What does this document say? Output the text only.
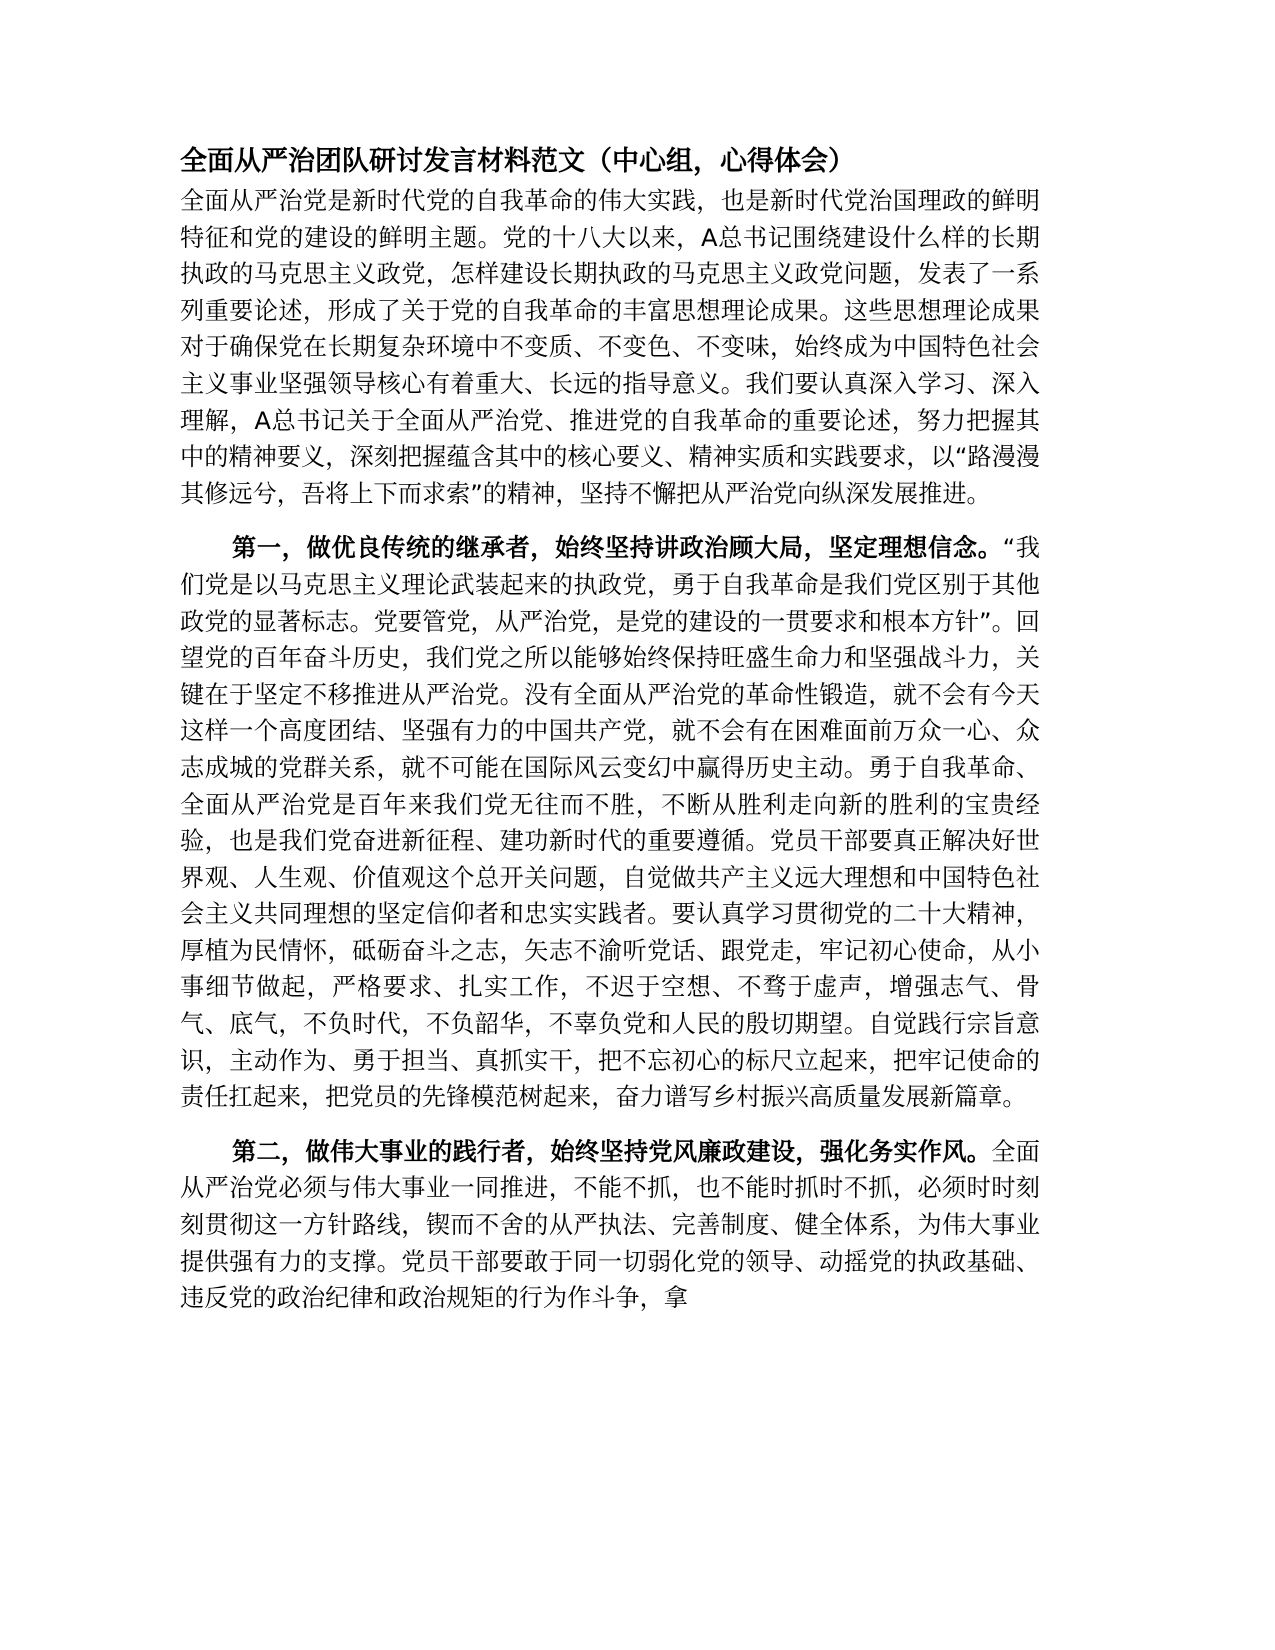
全面从严治团队研讨发言材料范文（中心组，心得体会）

全面从严治党是新时代党的自我革命的伟大实践，也是新时代党治国理政的鲜明特征和党的建设的鲜明主题。党的十八大以来，A总书记围绕建设什么样的长期执政的马克思主义政党，怎样建设长期执政的马克思主义政党问题，发表了一系列重要论述，形成了关于党的自我革命的丰富思想理论成果。这些思想理论成果对于确保党在长期复杂环境中不变质、不变色、不变味，始终成为中国特色社会主义事业坚强领导核心有着重大、长远的指导意义。我们要认真深入学习、深入理解，A总书记关于全面从严治党、推进党的自我革命的重要论述，努力把握其中的精神要义，深刻把握蕴含其中的核心要义、精神实质和实践要求，以“路漫漫其修远兮，吾将上下而求索”的精神，坚持不懈把从严治党向纵深发展推进。

第一，做优良传统的继承者，始终坚持讲政治顾大局，坚定理想信念。“我们党是以马克思主义理论武装起来的执政党，勇于自我革命是我们党区别于其他政党的显著标志。党要管党，从严治党，是党的建设的一贯要求和根本方针”。回望党的百年奋斗历史，我们党之所以能够始终保持旺盛生命力和坚强战斗力，关键在于坚定不移推进从严治党。没有全面从严治党的革命性锻造，就不会有今天这样一个高度团结、坚强有力的中国共产党，就不会有在困难面前万众一心、众志成城的党群关系，就不可能在国际风云变幻中赢得历史主动。勇于自我革命、全面从严治党是百年来我们党无往而不胜，不断从胜利走向新的胜利的宝贵经验，也是我们党奋进新征程、建功新时代的重要遵循。党员干部要真正解决好世界观、人生观、价值观这个总开关问题，自觉做共产主义远大理想和中国特色社会主义共同理想的坚定信仰者和忠实实践者。要认真学习贯彻党的二十大精神，厚植为民情怀，砥砺奋斗之志，矢志不渝听党话、跟党走，牢记初心使命，从小事细节做起，严格要求、扎实工作，不迟于空想、不骛于虚声，增强志气、骨气、底气，不负时代，不负韶华，不辜负党和人民的殷切期望。自觉践行宗旨意识，主动作为、勇于担当、真抓实干，把不忘初心的标尺立起来，把牢记使命的责任扛起来，把党员的先锋模范树起来，奋力谱写乡村振兴高质量发展新篇章。

第二，做伟大事业的践行者，始终坚持党风廉政建设，强化务实作风。全面从严治党必须与伟大事业一同推进，不能不抓，也不能时抓时不抓，必须时时刻刻贯彻这一方针路线，锲而不舍的从严执法、完善制度、健全体系，为伟大事业提供强有力的支撑。党员干部要敢于同一切弱化党的领导、动摇党的执政基础、违反党的政治纪律和政治规矩的行为作斗争，拿
